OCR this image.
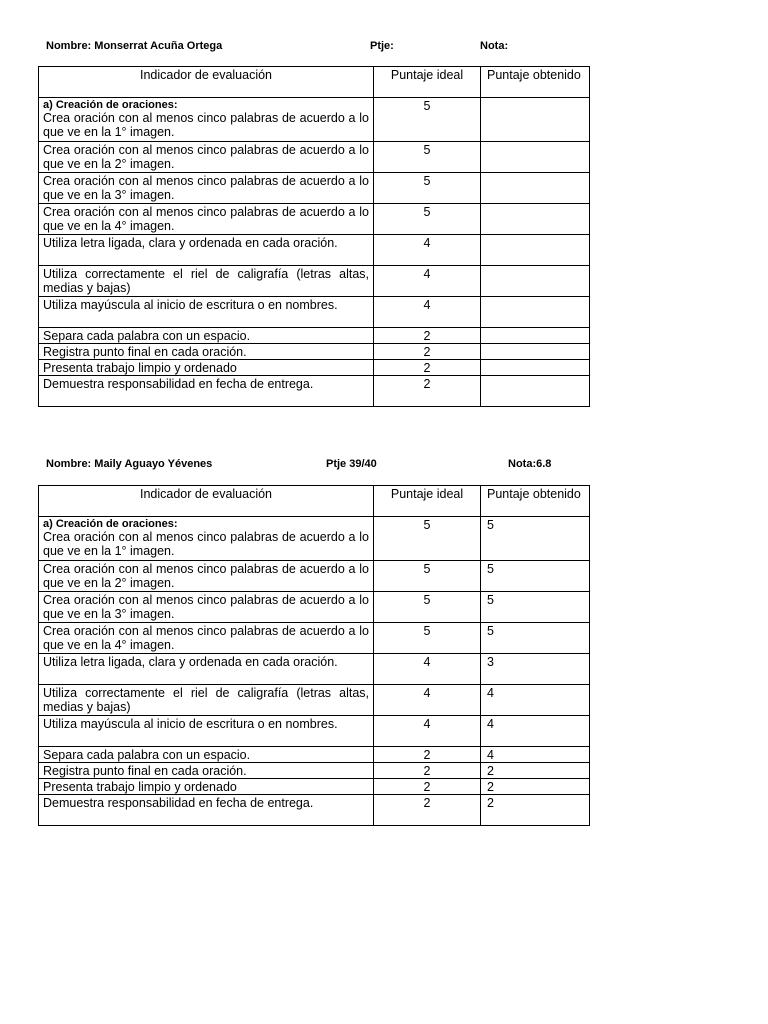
Nombre: Monserrat Acuña Ortega	Ptje:	Nota:
Indicador de evaluación	Puntaje ideal	Puntaje obtenido

a) Creación de oraciones:
Crea oración con al menos cinco palabras de acuerdo a lo que ve en la 1° imagen.	5	
Crea oración con al menos cinco palabras de acuerdo a lo que ve en la 2° imagen.	5	
Crea oración con al menos cinco palabras de acuerdo a lo que ve en la 3° imagen.	5	
Crea oración con al menos cinco palabras de acuerdo a lo que ve en la 4° imagen.	5	
Utiliza letra ligada, clara y ordenada en cada oración.	4	
Utiliza correctamente el riel de caligrafía (letras altas, medias y bajas)	4	
Utiliza mayúscula al inicio de escritura o en nombres.	4	
Separa cada palabra con un espacio.	2	
Registra punto final en cada oración.	2	
Presenta trabajo limpio y ordenado	2	
Demuestra responsabilidad en fecha de entrega.	2	
Nombre: Maily Aguayo Yévenes	Ptje 39/40	Nota:6.8
Indicador de evaluación	Puntaje ideal	Puntaje obtenido

a) Creación de oraciones:
Crea oración con al menos cinco palabras de acuerdo a lo que ve en la 1° imagen.	5	5
Crea oración con al menos cinco palabras de acuerdo a lo que ve en la 2° imagen.	5	5
Crea oración con al menos cinco palabras de acuerdo a lo que ve en la 3° imagen.	5	5
Crea oración con al menos cinco palabras de acuerdo a lo que ve en la 4° imagen.	5	5
Utiliza letra ligada, clara y ordenada en cada oración.	4	3
Utiliza correctamente el riel de caligrafía (letras altas, medias y bajas)	4	4
Utiliza mayúscula al inicio de escritura o en nombres.	4	4
Separa cada palabra con un espacio.	2	4
Registra punto final en cada oración.	2	2
Presenta trabajo limpio y ordenado	2	2
Demuestra responsabilidad en fecha de entrega.	2	2
